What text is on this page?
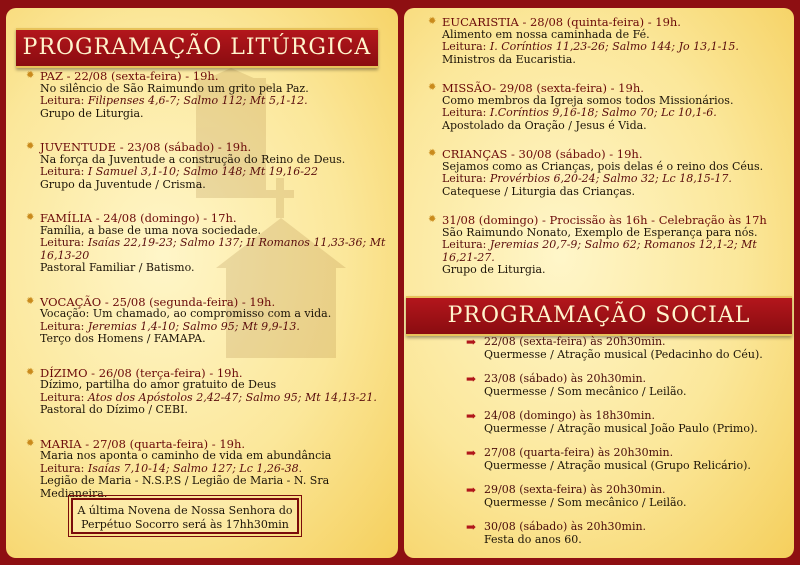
PROGRAMAÇÃO LITÚRGICA
✹ PAZ - 22/08 (sexta-feira) - 19h.
No silêncio de São Raimundo um grito pela Paz.
Leitura: Filipenses 4,6-7; Salmo 112; Mt 5,1-12.
Grupo de Liturgia.
✹ JUVENTUDE - 23/08 (sábado) - 19h.
Na força da Juventude a construção do Reino de Deus.
Leitura: I Samuel 3,1-10; Salmo 148; Mt 19,16-22
Grupo da Juventude / Crisma.
✹ FAMÍLIA - 24/08 (domingo) - 17h.
Família, a base de uma nova sociedade.
Leitura: Isaías 22,19-23; Salmo 137; II Romanos 11,33-36; Mt 16,13-20
Pastoral Familiar / Batismo.
✹ VOCAÇÃO - 25/08 (segunda-feira) - 19h.
Vocação: Um chamado, ao compromisso com a vida.
Leitura: Jeremias 1,4-10; Salmo 95; Mt 9,9-13.
Terço dos Homens / FAMAPA.
✹ DÍZIMO - 26/08 (terça-feira) - 19h.
Dízimo, partilha do amor gratuito de Deus
Leitura: Atos dos Apóstolos 2,42-47; Salmo 95; Mt 14,13-21.
Pastoral do Dízimo / CEBI.
✹ MARIA - 27/08 (quarta-feira) - 19h.
Maria nos aponta o caminho de vida em abundância
Leitura: Isaías 7,10-14; Salmo 127; Lc 1,26-38.
Legião de Maria - N.S.P.S / Legião de Maria - N. Sra Medianeira.
A última Novena de Nossa Senhora do
Perpétuo Socorro será às 17hh30min
✹ EUCARISTIA - 28/08 (quinta-feira) - 19h.
Alimento em nossa caminhada de Fé.
Leitura: I. Coríntios 11,23-26; Salmo 144; Jo 13,1-15.
Ministros da Eucaristia.
✹ MISSÃO- 29/08 (sexta-feira) - 19h.
Como membros da Igreja somos todos Missionários.
Leitura: I.Coríntios 9,16-18; Salmo 70; Lc 10,1-6.
Apostolado da Oração / Jesus é Vida.
✹ CRIANÇAS - 30/08 (sábado) - 19h.
Sejamos como as Crianças, pois delas é o reino dos Céus.
Leitura: Provérbios 6,20-24; Salmo 32; Lc 18,15-17.
Catequese / Liturgia das Crianças.
✹ 31/08 (domingo) - Procissão às 16h - Celebração às 17h
São Raimundo Nonato, Exemplo de Esperança para nós.
Leitura: Jeremias 20,7-9; Salmo 62; Romanos 12,1-2; Mt 16,21-27.
Grupo de Liturgia.
PROGRAMAÇÃO SOCIAL
➡ 22/08 (sexta-feira) às 20h30min.
Quermesse / Atração musical (Pedacinho do Céu).
➡ 23/08 (sábado) às 20h30min.
Quermesse / Som mecânico / Leilão.
➡ 24/08 (domingo) às 18h30min.
Quermesse / Atração musical João Paulo (Primo).
➡ 27/08 (quarta-feira) às 20h30min.
Quermesse / Atração musical (Grupo Relicário).
➡ 29/08 (sexta-feira) às 20h30min.
Quermesse / Som mecânico / Leilão.
➡ 30/08 (sábado) às 20h30min.
Festa do anos 60.
